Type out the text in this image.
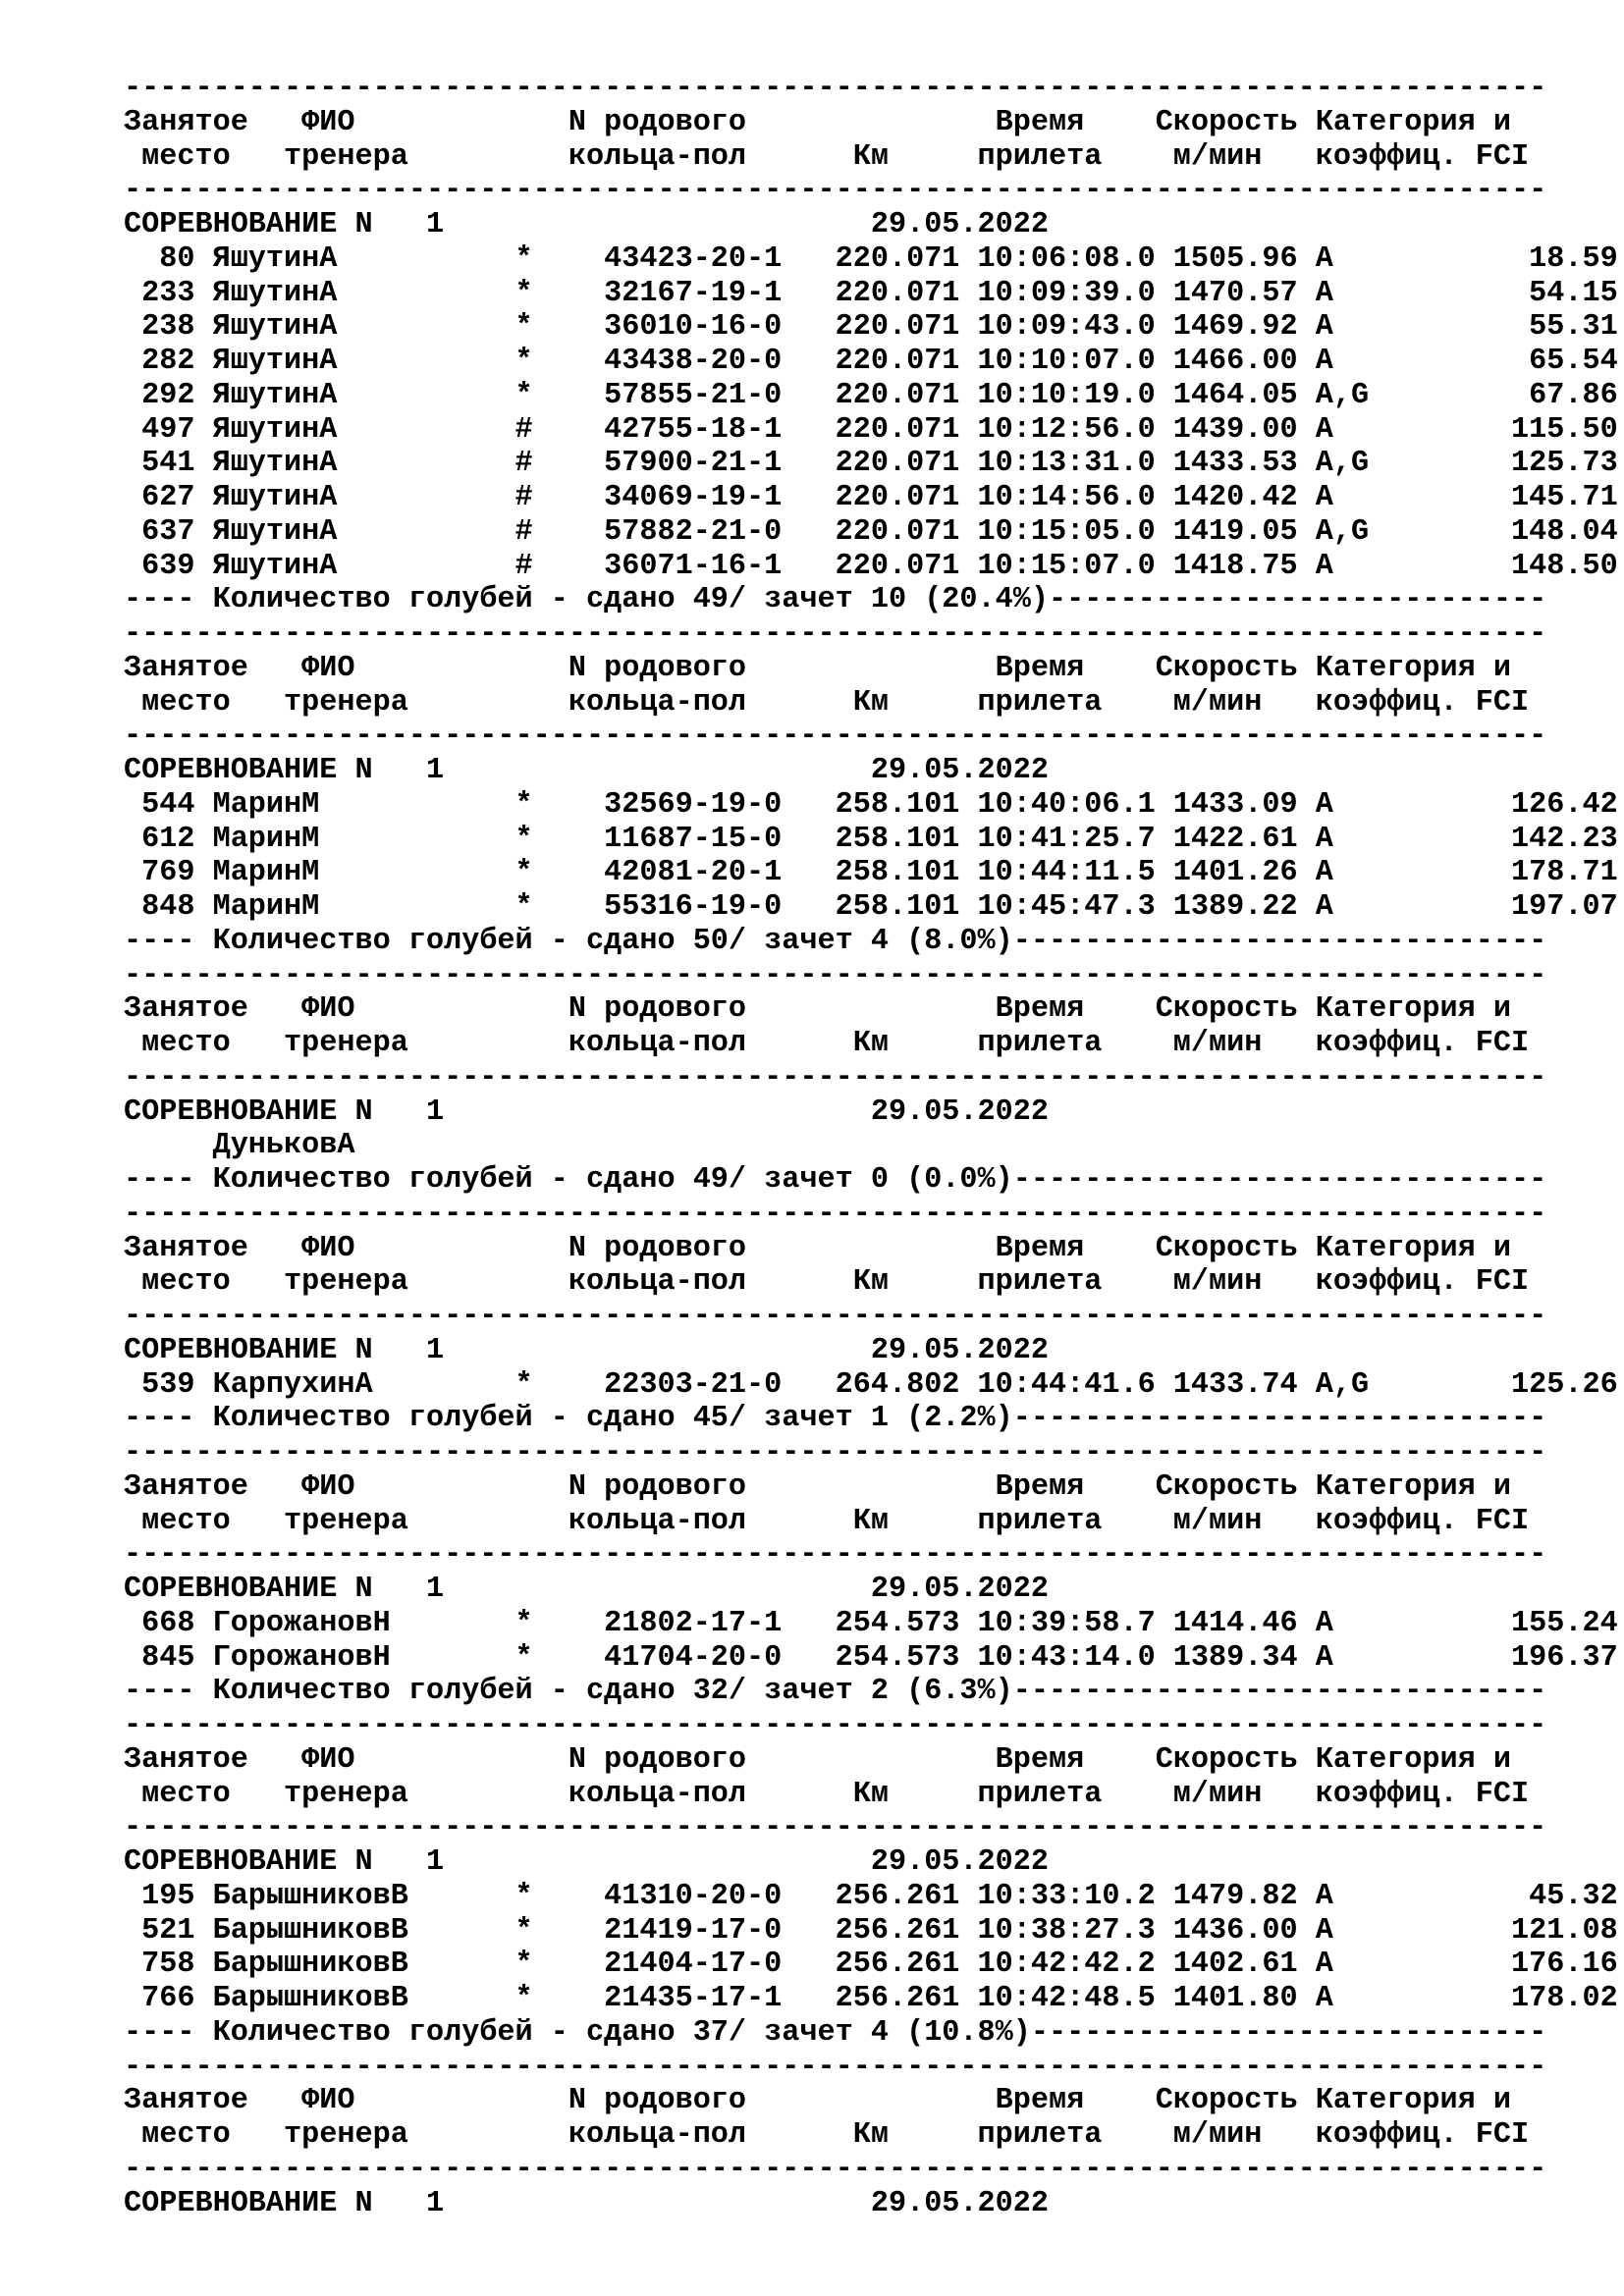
--------------------------------------------------------------------------------
Занятое   ФИО            N родового              Время    Скорость Категория и
место   тренера         кольца-пол      Км     прилета    м/мин   коэффиц. FCI
--------------------------------------------------------------------------------
СОРЕВНОВАНИЕ N   1                        29.05.2022
80 ЯшутинА          *    43423-20-1   220.071 10:06:08.0 1505.96 A           18.59
233 ЯшутинА          *    32167-19-1   220.071 10:09:39.0 1470.57 A           54.15
238 ЯшутинА          *    36010-16-0   220.071 10:09:43.0 1469.92 A           55.31
282 ЯшутинА          *    43438-20-0   220.071 10:10:07.0 1466.00 A           65.54
292 ЯшутинА          *    57855-21-0   220.071 10:10:19.0 1464.05 A,G         67.86
497 ЯшутинА          #    42755-18-1   220.071 10:12:56.0 1439.00 A          115.50
541 ЯшутинА          #    57900-21-1   220.071 10:13:31.0 1433.53 A,G        125.73
627 ЯшутинА          #    34069-19-1   220.071 10:14:56.0 1420.42 A          145.71
637 ЯшутинА          #    57882-21-0   220.071 10:15:05.0 1419.05 A,G        148.04
639 ЯшутинА          #    36071-16-1   220.071 10:15:07.0 1418.75 A          148.50
---- Количество голубей - сдано 49/ зачет 10 (20.4%)----------------------------
--------------------------------------------------------------------------------
Занятое   ФИО            N родового              Время    Скорость Категория и
место   тренера         кольца-пол      Км     прилета    м/мин   коэффиц. FCI
--------------------------------------------------------------------------------
СОРЕВНОВАНИЕ N   1                        29.05.2022
544 МаринМ           *    32569-19-0   258.101 10:40:06.1 1433.09 A          126.42
612 МаринМ           *    11687-15-0   258.101 10:41:25.7 1422.61 A          142.23
769 МаринМ           *    42081-20-1   258.101 10:44:11.5 1401.26 A          178.71
848 МаринМ           *    55316-19-0   258.101 10:45:47.3 1389.22 A          197.07
---- Количество голубей - сдано 50/ зачет 4 (8.0%)------------------------------
--------------------------------------------------------------------------------
Занятое   ФИО            N родового              Время    Скорость Категория и
место   тренера         кольца-пол      Км     прилета    м/мин   коэффиц. FCI
--------------------------------------------------------------------------------
СОРЕВНОВАНИЕ N   1                        29.05.2022
ДуньковА
---- Количество голубей - сдано 49/ зачет 0 (0.0%)------------------------------
--------------------------------------------------------------------------------
Занятое   ФИО            N родового              Время    Скорость Категория и
место   тренера         кольца-пол      Км     прилета    м/мин   коэффиц. FCI
--------------------------------------------------------------------------------
СОРЕВНОВАНИЕ N   1                        29.05.2022
539 КарпухинА        *    22303-21-0   264.802 10:44:41.6 1433.74 A,G        125.26
---- Количество голубей - сдано 45/ зачет 1 (2.2%)------------------------------
--------------------------------------------------------------------------------
Занятое   ФИО            N родового              Время    Скорость Категория и
место   тренера         кольца-пол      Км     прилета    м/мин   коэффиц. FCI
--------------------------------------------------------------------------------
СОРЕВНОВАНИЕ N   1                        29.05.2022
668 ГорожановН       *    21802-17-1   254.573 10:39:58.7 1414.46 A          155.24
845 ГорожановН       *    41704-20-0   254.573 10:43:14.0 1389.34 A          196.37
---- Количество голубей - сдано 32/ зачет 2 (6.3%)------------------------------
--------------------------------------------------------------------------------
Занятое   ФИО            N родового              Время    Скорость Категория и
место   тренера         кольца-пол      Км     прилета    м/мин   коэффиц. FCI
--------------------------------------------------------------------------------
СОРЕВНОВАНИЕ N   1                        29.05.2022
195 БарышниковВ      *    41310-20-0   256.261 10:33:10.2 1479.82 A           45.32
521 БарышниковВ      *    21419-17-0   256.261 10:38:27.3 1436.00 A          121.08
758 БарышниковВ      *    21404-17-0   256.261 10:42:42.2 1402.61 A          176.16
766 БарышниковВ      *    21435-17-1   256.261 10:42:48.5 1401.80 A          178.02
---- Количество голубей - сдано 37/ зачет 4 (10.8%)-----------------------------
--------------------------------------------------------------------------------
Занятое   ФИО            N родового              Время    Скорость Категория и
место   тренера         кольца-пол      Км     прилета    м/мин   коэффиц. FCI
--------------------------------------------------------------------------------
СОРЕВНОВАНИЕ N   1                        29.05.2022
